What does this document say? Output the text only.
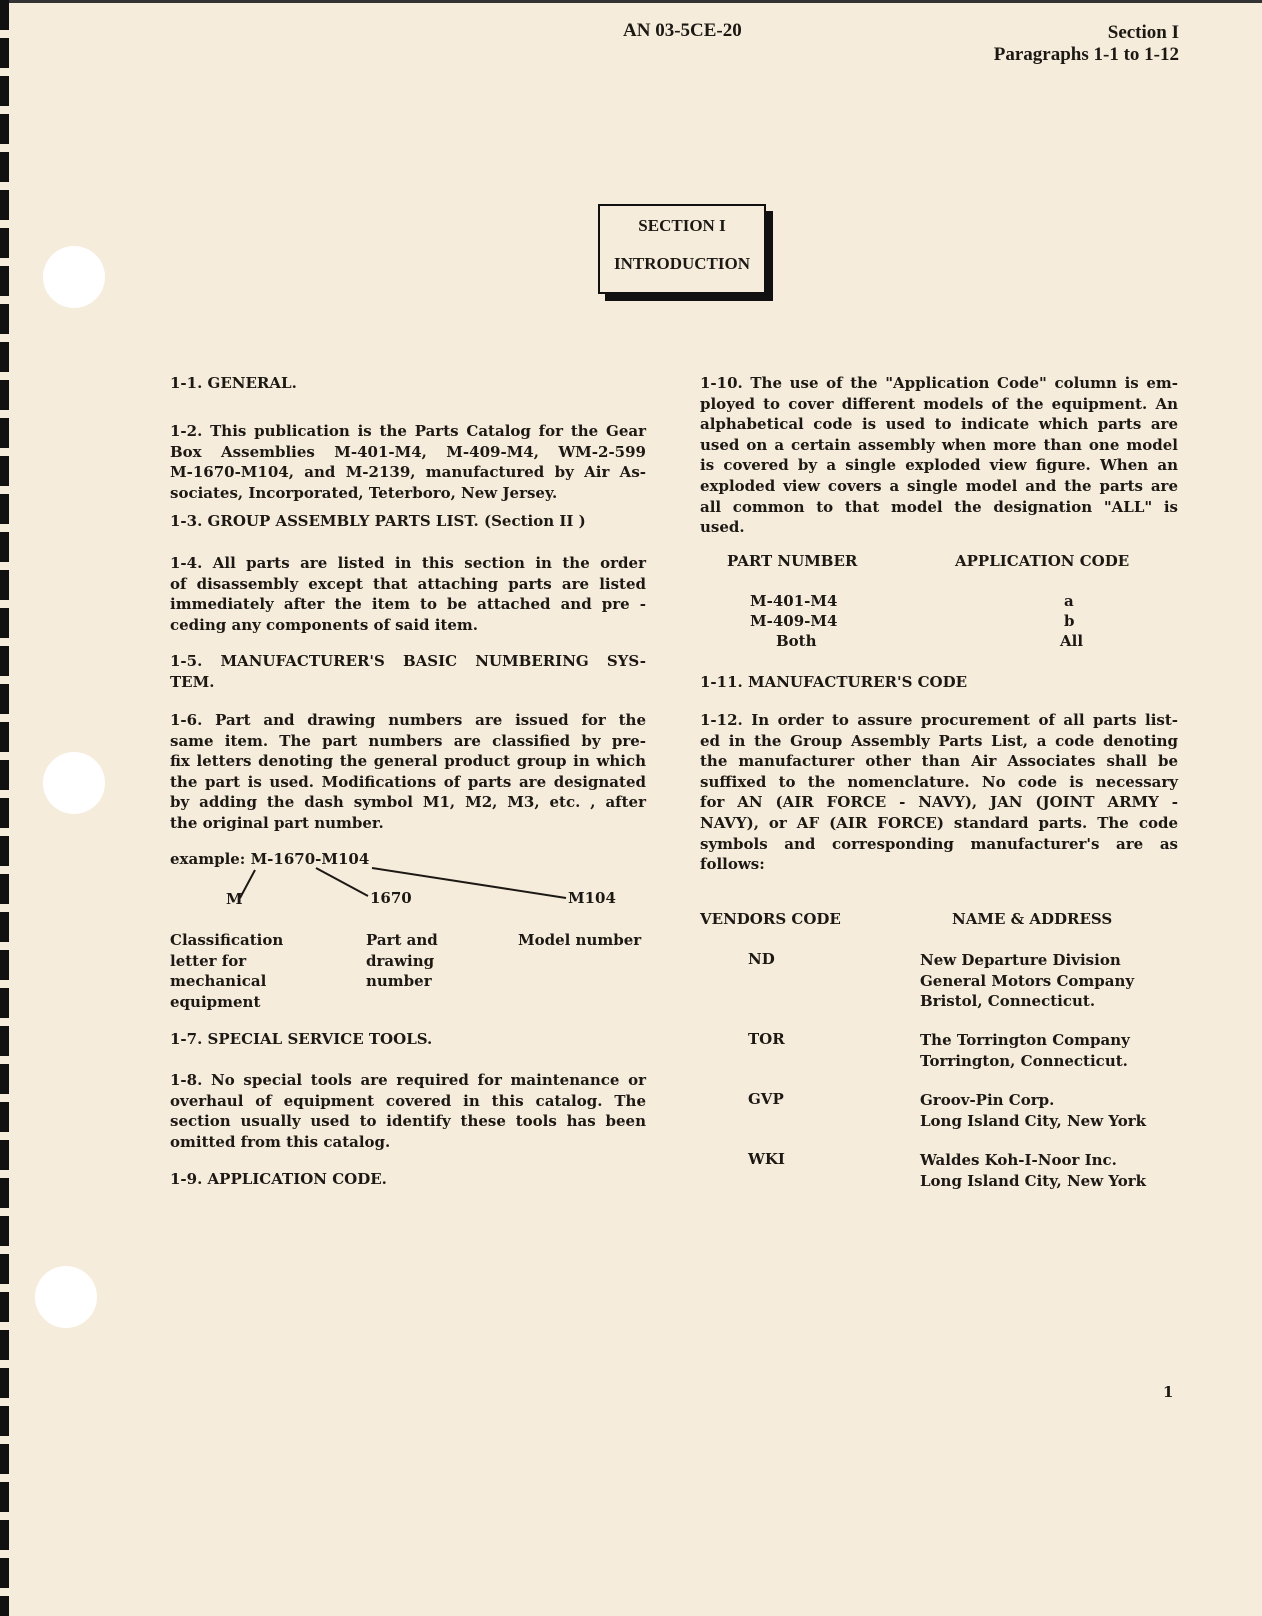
AN 03-5CE-20	Section I
Paragraphs 1-1 to 1-12
SECTION I
INTRODUCTION
1-1. GENERAL.
1-2. This publication is the Parts Catalog for the Gear
Box Assemblies M-401-M4, M-409-M4, WM-2-599
M-1670-M104, and M-2139, manufactured by Air As-
sociates, Incorporated, Teterboro, New Jersey.
1-3. GROUP ASSEMBLY PARTS LIST. (Section II )
1-4. All parts are listed in this section in the order
of disassembly except that attaching parts are listed
immediately after the item to be attached and pre -
ceding any components of said item.
1-5. MANUFACTURER'S BASIC NUMBERING SYS-
TEM.
1-6. Part and drawing numbers are issued for the
same item. The part numbers are classified by pre-
fix letters denoting the general product group in which
the part is used. Modifications of parts are designated
by adding the dash symbol M1, M2, M3, etc. , after
the original part number.
example: M-1670-M104
M	1670	M104
Classification
letter for
mechanical
equipment
Part and
drawing
number
Model number
1-7. SPECIAL SERVICE TOOLS.
1-8. No special tools are required for maintenance or
overhaul of equipment covered in this catalog. The
section usually used to identify these tools has been
omitted from this catalog.
1-9. APPLICATION CODE.
1-10. The use of the "Application Code" column is em-
ployed to cover different models of the equipment. An
alphabetical code is used to indicate which parts are
used on a certain assembly when more than one model
is covered by a single exploded view figure. When an
exploded view covers a single model and the parts are
all common to that model the designation "ALL" is
used.
PART NUMBER	APPLICATION CODE
M-401-M4	a
M-409-M4	b
Both	All
1-11. MANUFACTURER'S CODE
1-12. In order to assure procurement of all parts list-
ed in the Group Assembly Parts List, a code denoting
the manufacturer other than Air Associates shall be
suffixed to the nomenclature. No code is necessary
for AN (AIR FORCE - NAVY), JAN (JOINT ARMY -
NAVY), or AF (AIR FORCE) standard parts. The code
symbols and corresponding manufacturer's are as
follows:
VENDORS CODE	NAME & ADDRESS
ND	New Departure Division
General Motors Company
Bristol, Connecticut.
TOR	The Torrington Company
Torrington, Connecticut.
GVP	Groov-Pin Corp.
Long Island City, New York
WKI	Waldes Koh-I-Noor Inc.
Long Island City, New York
1
